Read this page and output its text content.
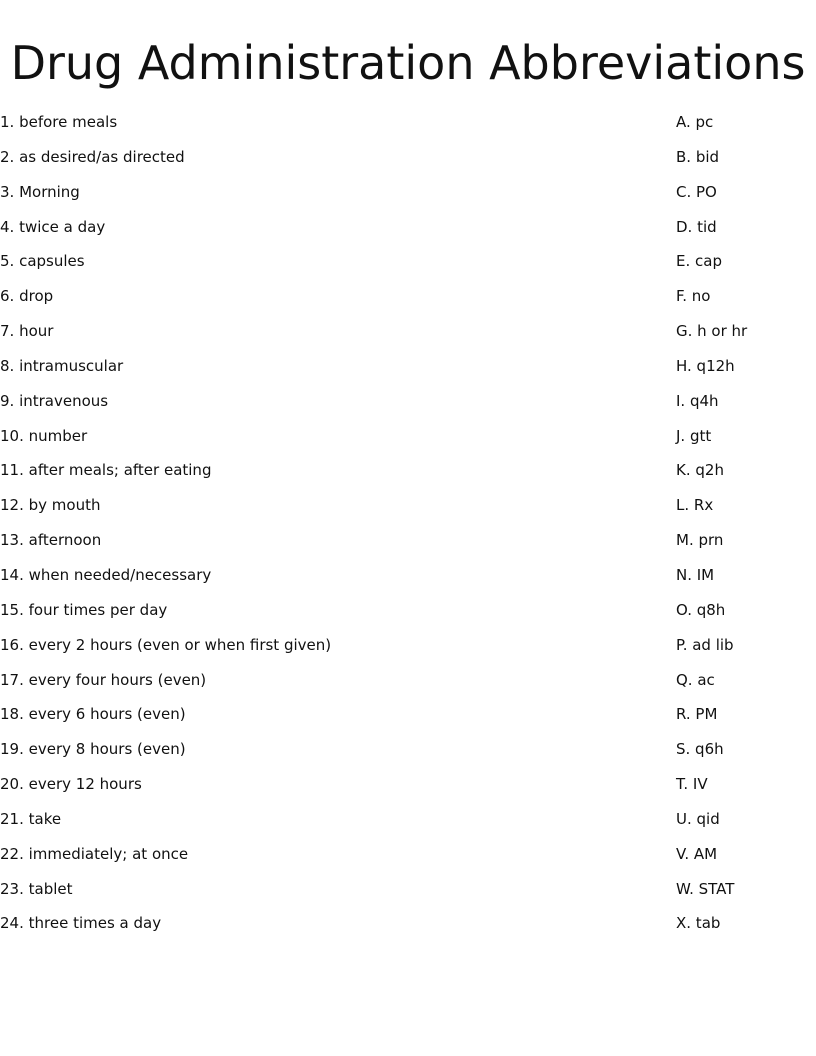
Drug Administration Abbreviations
1. before meals	A. pc
2. as desired/as directed	B. bid
3. Morning	C. PO
4. twice a day	D. tid
5. capsules	E. cap
6. drop	F. no
7. hour	G. h or hr
8. intramuscular	H. q12h
9. intravenous	I. q4h
10. number	J. gtt
11. after meals; after eating	K. q2h
12. by mouth	L. Rx
13. afternoon	M. prn
14. when needed/necessary	N. IM
15. four times per day	O. q8h
16. every 2 hours (even or when first given)	P. ad lib
17. every four hours (even)	Q. ac
18. every 6 hours (even)	R. PM
19. every 8 hours (even)	S. q6h
20. every 12 hours	T. IV
21. take	U. qid
22. immediately; at once	V. AM
23. tablet	W. STAT
24. three times a day	X. tab
